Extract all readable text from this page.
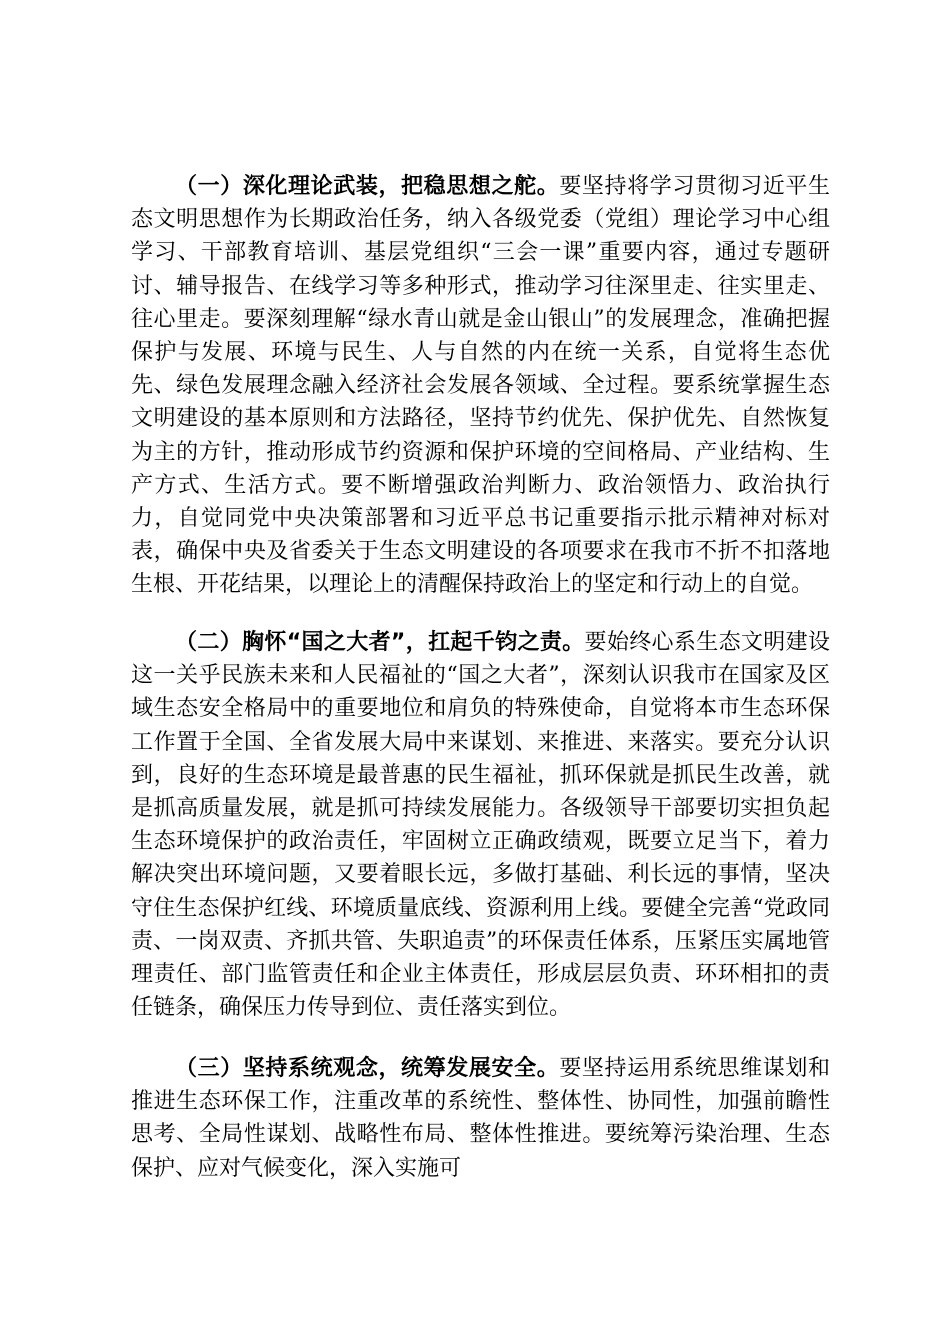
（一）深化理论武装，把稳思想之舵。要坚持将学习贯彻习近平生态文明思想作为长期政治任务，纳入各级党委（党组）理论学习中心组学习、干部教育培训、基层党组织“三会一课”重要内容，通过专题研讨、辅导报告、在线学习等多种形式，推动学习往深里走、往实里走、往心里走。要深刻理解“绿水青山就是金山银山”的发展理念，准确把握保护与发展、环境与民生、人与自然的内在统一关系，自觉将生态优先、绿色发展理念融入经济社会发展各领域、全过程。要系统掌握生态文明建设的基本原则和方法路径，坚持节约优先、保护优先、自然恢复为主的方针，推动形成节约资源和保护环境的空间格局、产业结构、生产方式、生活方式。要不断增强政治判断力、政治领悟力、政治执行力，自觉同党中央决策部署和习近平总书记重要指示批示精神对标对表，确保中央及省委关于生态文明建设的各项要求在我市不折不扣落地生根、开花结果，以理论上的清醒保持政治上的坚定和行动上的自觉。

（二）胸怀“国之大者”，扛起千钧之责。要始终心系生态文明建设这一关乎民族未来和人民福祉的“国之大者”，深刻认识我市在国家及区域生态安全格局中的重要地位和肩负的特殊使命，自觉将本市生态环保工作置于全国、全省发展大局中来谋划、来推进、来落实。要充分认识到，良好的生态环境是最普惠的民生福祉，抓环保就是抓民生改善，就是抓高质量发展，就是抓可持续发展能力。各级领导干部要切实担负起生态环境保护的政治责任，牢固树立正确政绩观，既要立足当下，着力解决突出环境问题，又要着眼长远，多做打基础、利长远的事情，坚决守住生态保护红线、环境质量底线、资源利用上线。要健全完善“党政同责、一岗双责、齐抓共管、失职追责”的环保责任体系，压紧压实属地管理责任、部门监管责任和企业主体责任，形成层层负责、环环相扣的责任链条，确保压力传导到位、责任落实到位。

（三）坚持系统观念，统筹发展安全。要坚持运用系统思维谋划和推进生态环保工作，注重改革的系统性、整体性、协同性，加强前瞻性思考、全局性谋划、战略性布局、整体性推进。要统筹污染治理、生态保护、应对气候变化，深入实施可
